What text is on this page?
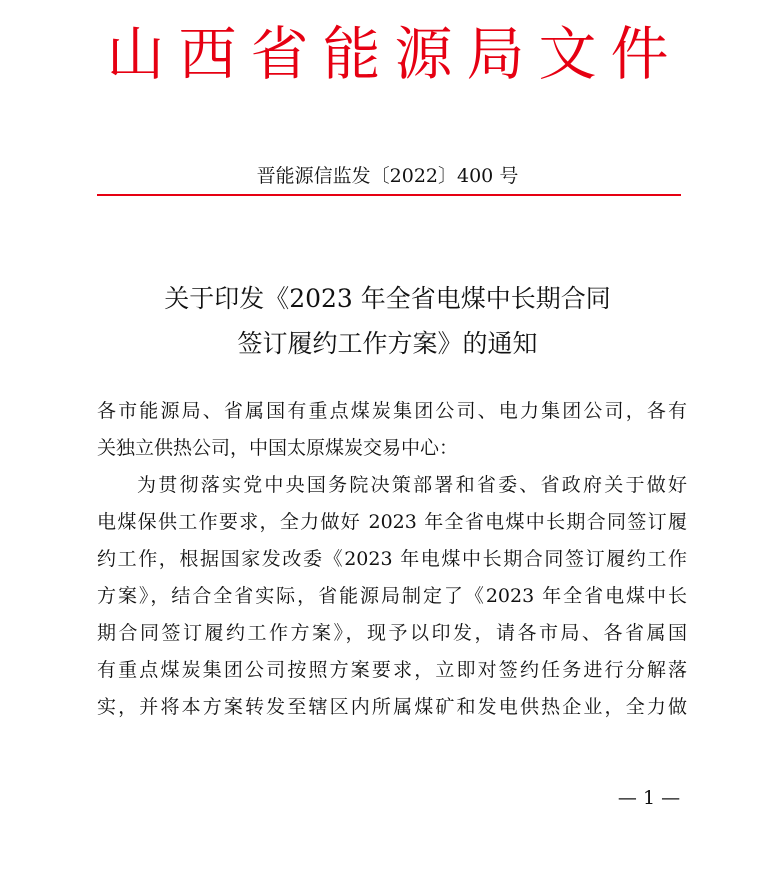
山西省能源局文件
晋能源信监发〔2022〕400 号
关于印发《2023 年全省电煤中长期合同
签订履约工作方案》的通知
各市能源局、省属国有重点煤炭集团公司、电力集团公司，各有
关独立供热公司，中国太原煤炭交易中心：
为贯彻落实党中央国务院决策部署和省委、省政府关于做好
电煤保供工作要求，全力做好 2023 年全省电煤中长期合同签订履
约工作，根据国家发改委《2023 年电煤中长期合同签订履约工作
方案》，结合全省实际，省能源局制定了《2023 年全省电煤中长
期合同签订履约工作方案》，现予以印发，请各市局、各省属国
有重点煤炭集团公司按照方案要求，立即对签约任务进行分解落
实，并将本方案转发至辖区内所属煤矿和发电供热企业，全力做
— 1 —
